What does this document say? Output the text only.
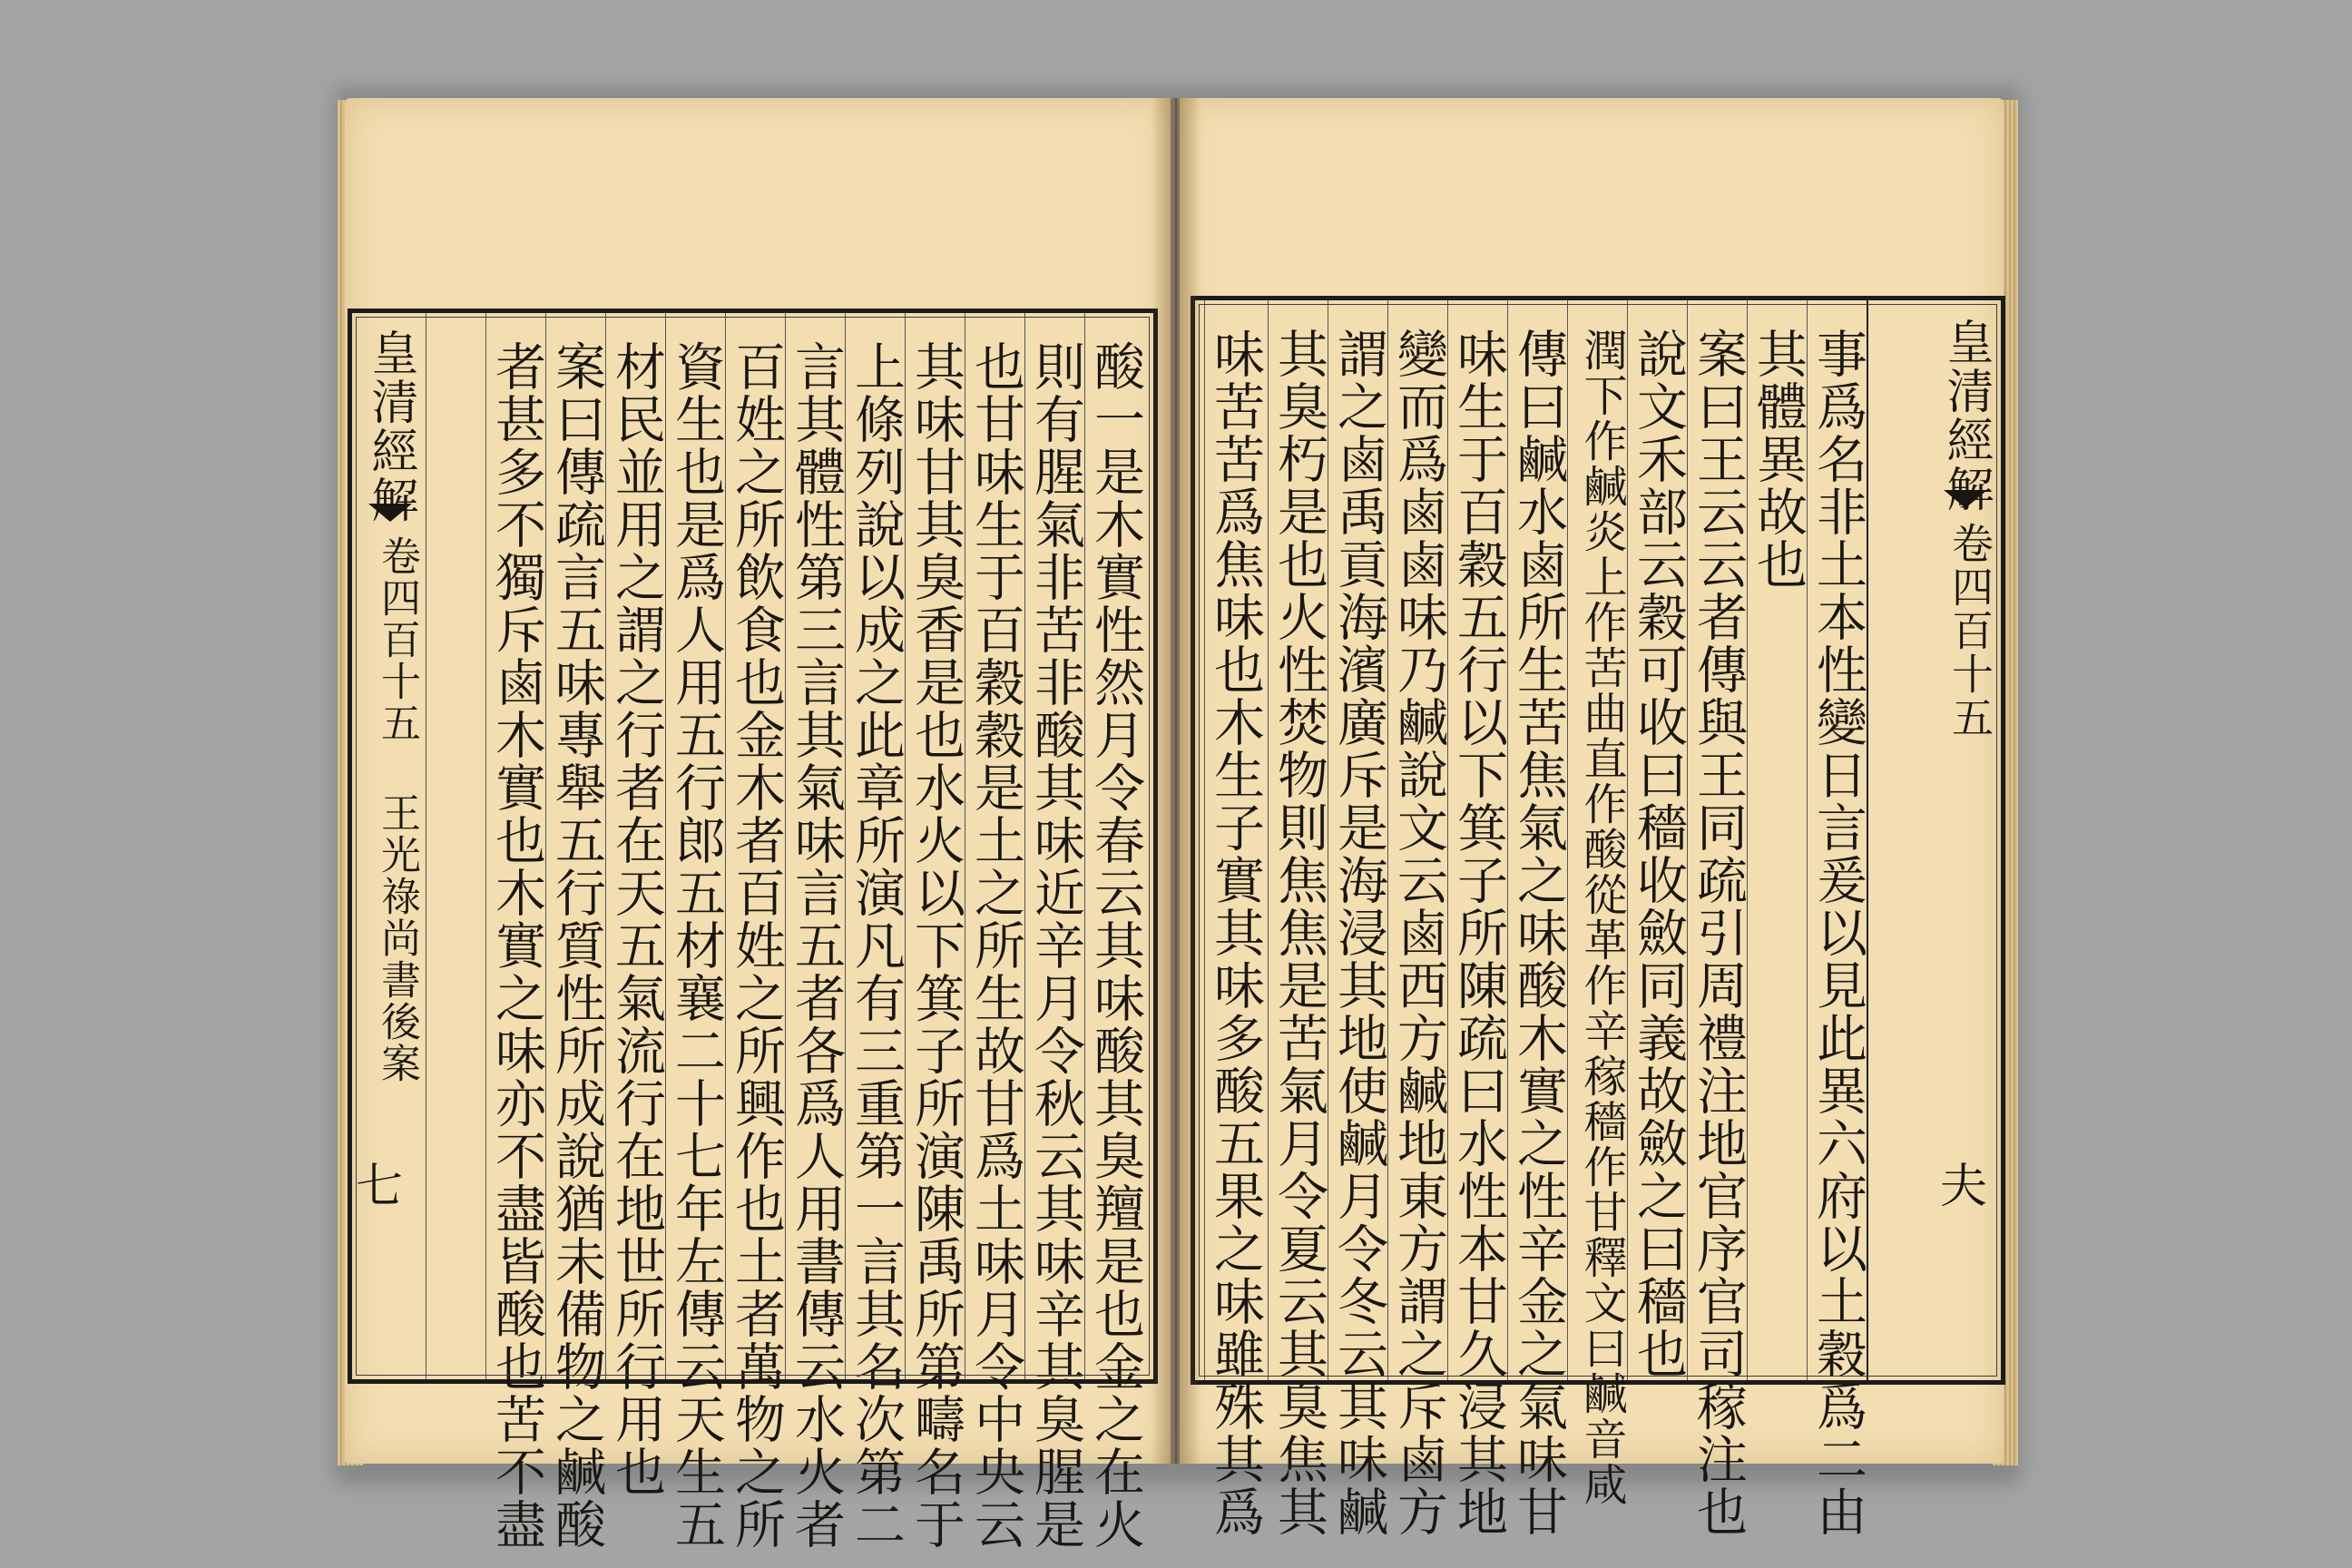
皇清經解
卷四百十五 王光祿尚書後案
七	酸一是木實性然月令春云其味酸其臭羶是也金之在火
則有腥氣非苦非酸其味近辛月令秋云其味辛其臭腥是
也甘味生于百穀穀是土之所生故甘爲土味月令中央云
其味甘其臭香是也水火以下箕子所演陳禹所第疇名于
上條列說以成之此章所演凡有三重第一言其名次第二
言其體性第三言其氣味言五者各爲人用書傳云水火者
百姓之所飲食也金木者百姓之所興作也土者萬物之所
資生也是爲人用五行郎五材襄二十七年左傳云天生五
材民並用之謂之行者在天五氣流行在地世所行用也
案曰傳疏言五味專舉五行質性所成說猶未備物之鹹酸
者甚多不獨斥鹵木實也木實之味亦不盡皆酸也苦不盡	事爲名非土本性變日言爰以見此異六府以土穀爲二由
其體異故也
案曰王云云者傳與王同疏引周禮注地官序官司稼注也
說文禾部云穀可收曰穡收斂同義故斂之曰穡也
潤下作鹹炎上作苦曲直作酸從革作辛稼穡作甘釋文曰鹹音咸
傳曰鹹水鹵所生苦焦氣之味酸木實之性辛金之氣味甘
味生于百穀五行以下箕子所陳疏曰水性本甘久浸其地
變而爲鹵鹵味乃鹹說文云鹵西方鹹地東方謂之斥鹵方
謂之鹵禹貢海濱廣斥是海浸其地使鹹月令冬云其味鹹
其臭朽是也火性焚物則焦焦是苦氣月令夏云其臭焦其
味苦苦爲焦味也木生子實其味多酸五果之味雖殊其爲	皇清經解
卷四百十五
夫
